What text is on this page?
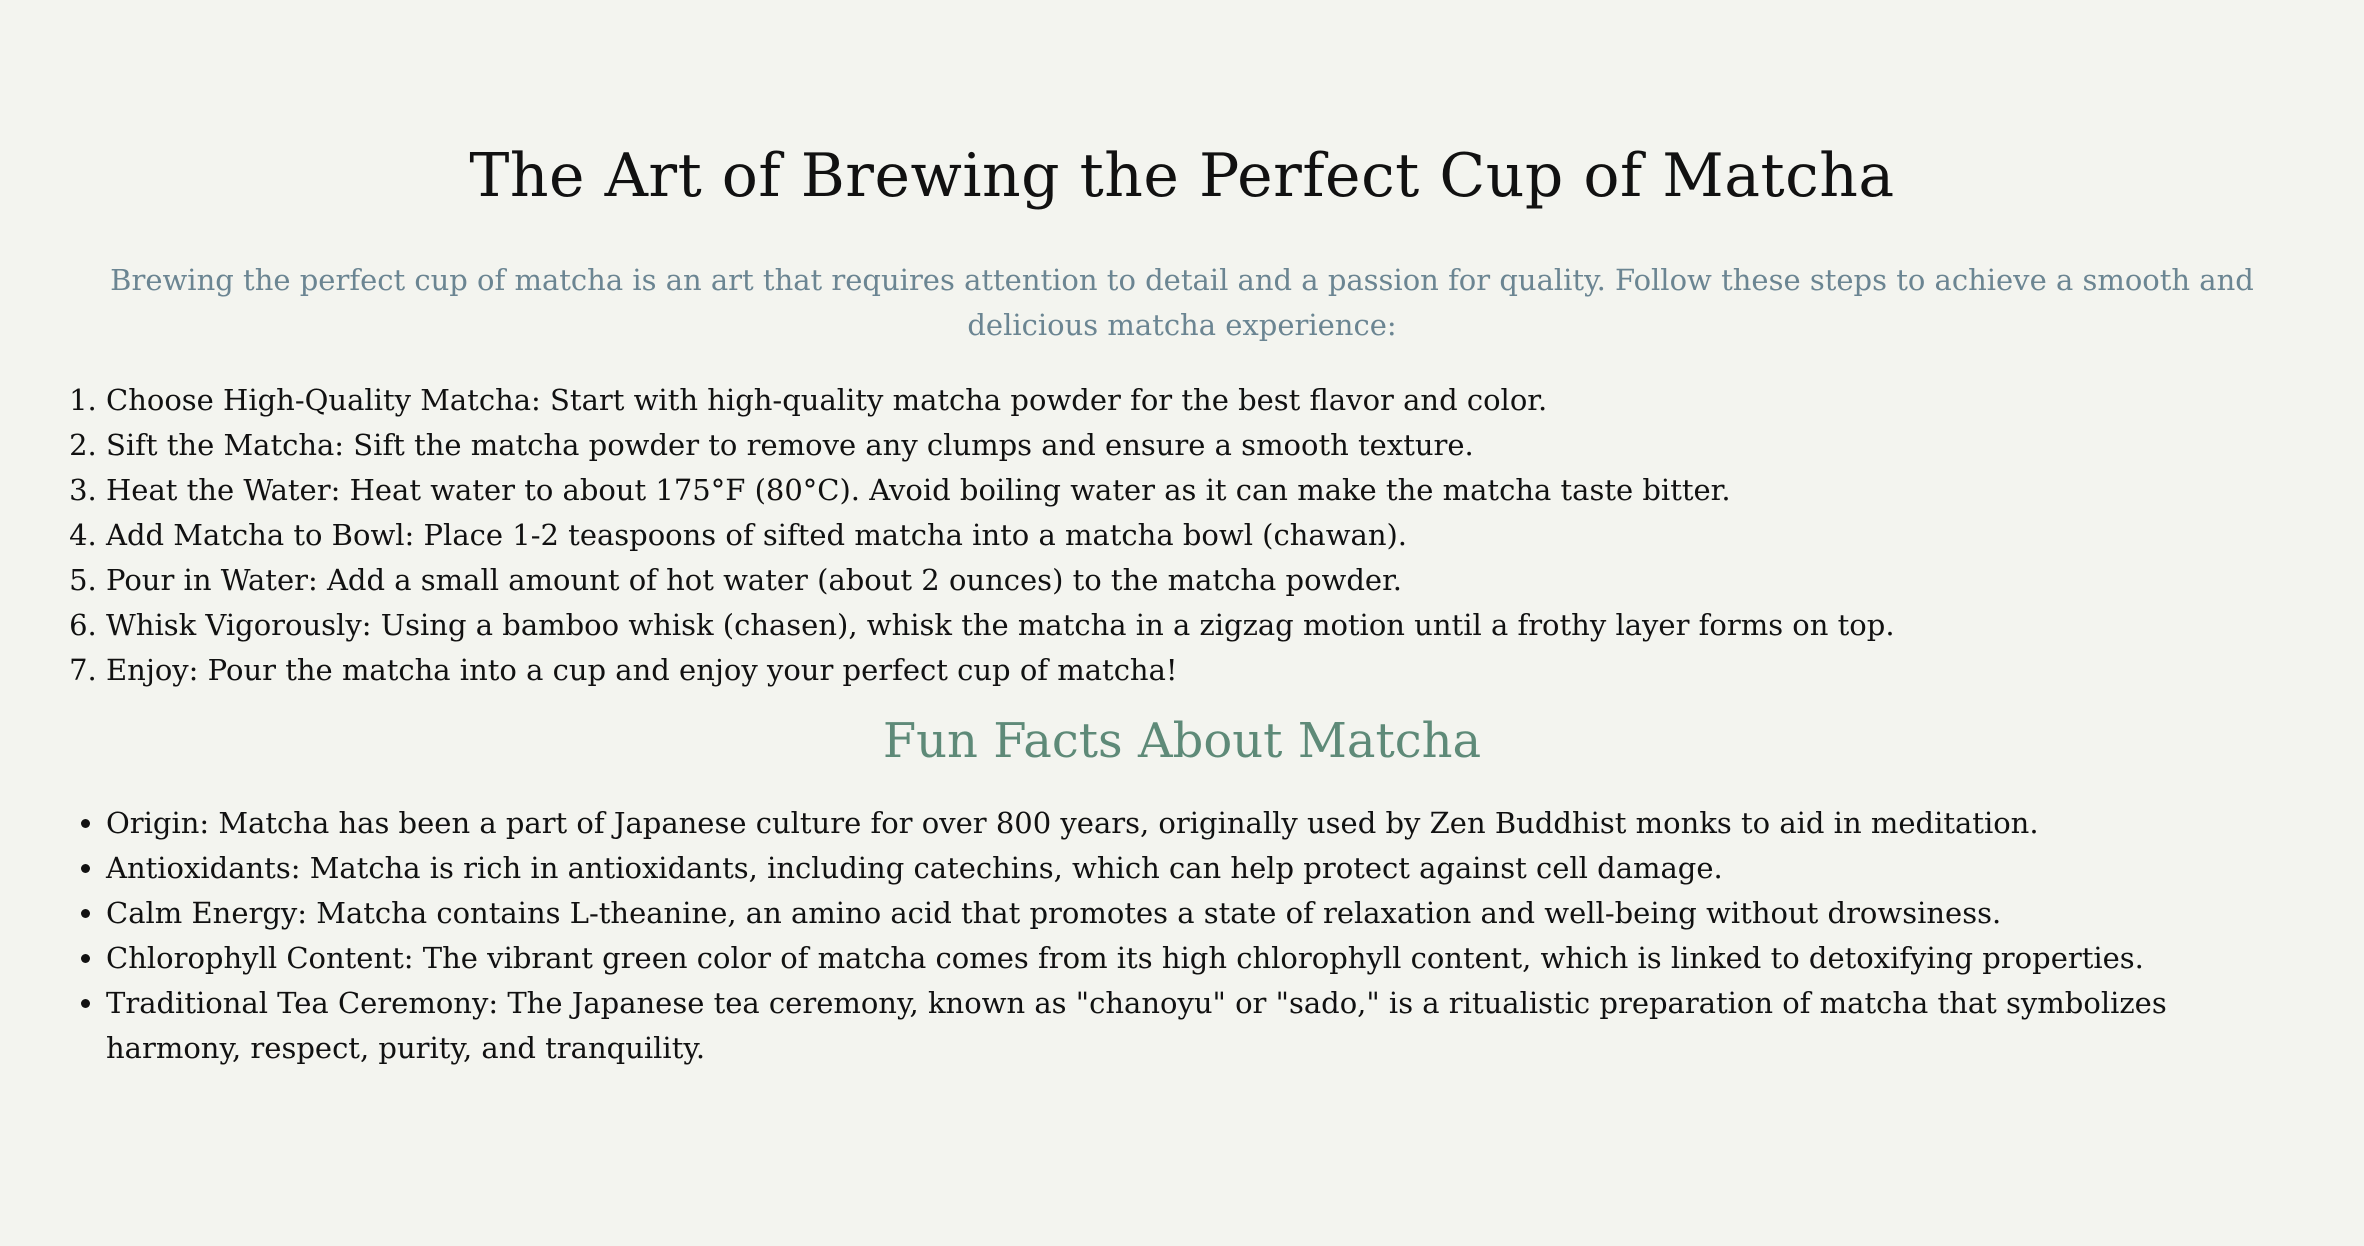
The Art of Brewing the Perfect Cup of Matcha

Brewing the perfect cup of matcha is an art that requires attention to detail and a passion for quality. Follow these steps to achieve a smooth and delicious matcha experience:

1. Choose High-Quality Matcha: Start with high-quality matcha powder for the best flavor and color.
2. Sift the Matcha: Sift the matcha powder to remove any clumps and ensure a smooth texture.
3. Heat the Water: Heat water to about 175°F (80°C). Avoid boiling water as it can make the matcha taste bitter.
4. Add Matcha to Bowl: Place 1-2 teaspoons of sifted matcha into a matcha bowl (chawan).
5. Pour in Water: Add a small amount of hot water (about 2 ounces) to the matcha powder.
6. Whisk Vigorously: Using a bamboo whisk (chasen), whisk the matcha in a zigzag motion until a frothy layer forms on top.
7. Enjoy: Pour the matcha into a cup and enjoy your perfect cup of matcha!
Fun Facts About Matcha
• Origin: Matcha has been a part of Japanese culture for over 800 years, originally used by Zen Buddhist monks to aid in meditation.
• Antioxidants: Matcha is rich in antioxidants, including catechins, which can help protect against cell damage.
• Calm Energy: Matcha contains L-theanine, an amino acid that promotes a state of relaxation and well-being without drowsiness.
• Chlorophyll Content: The vibrant green color of matcha comes from its high chlorophyll content, which is linked to detoxifying properties.
• Traditional Tea Ceremony: The Japanese tea ceremony, known as "chanoyu" or "sado," is a ritualistic preparation of matcha that symbolizes harmony, respect, purity, and tranquility.
